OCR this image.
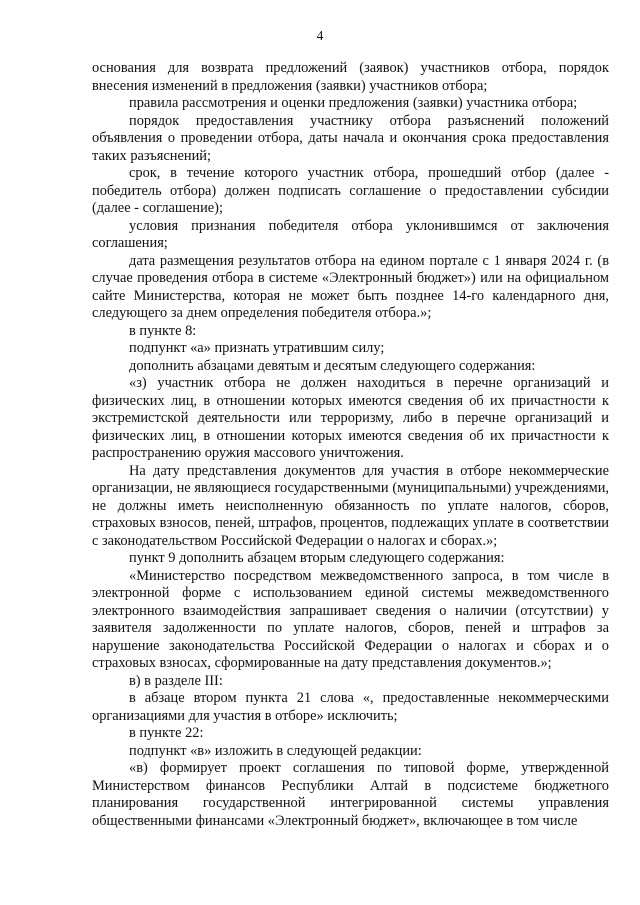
4

основания для возврата предложений (заявок) участников отбора, порядок внесения изменений в предложения (заявки) участников отбора;

правила рассмотрения и оценки предложения (заявки) участника отбора;

порядок предоставления участнику отбора разъяснений положений объявления о проведении отбора, даты начала и окончания срока предоставления таких разъяснений;

срок, в течение которого участник отбора, прошедший отбор (далее - победитель отбора) должен подписать соглашение о предоставлении субсидии (далее - соглашение);

условия признания победителя отбора уклонившимся от заключения соглашения;

дата размещения результатов отбора на едином портале с 1 января 2024 г. (в случае проведения отбора в системе «Электронный бюджет») или на официальном сайте Министерства, которая не может быть позднее 14-го календарного дня, следующего за днем определения победителя отбора.»;

в пункте 8:

подпункт «а» признать утратившим силу;

дополнить абзацами девятым и десятым следующего содержания:

«з) участник отбора не должен находиться в перечне организаций и физических лиц, в отношении которых имеются сведения об их причастности к экстремистской деятельности или терроризму, либо в перечне организаций и физических лиц, в отношении которых имеются сведения об их причастности к распространению оружия массового уничтожения.

На дату представления документов для участия в отборе некоммерческие организации, не являющиеся государственными (муниципальными) учреждениями, не должны иметь неисполненную обязанность по уплате налогов, сборов, страховых взносов, пеней, штрафов, процентов, подлежащих уплате в соответствии с законодательством Российской Федерации о налогах и сборах.»;

пункт 9 дополнить абзацем вторым следующего содержания:

«Министерство посредством межведомственного запроса, в том числе в электронной форме с использованием единой системы межведомственного электронного взаимодействия запрашивает сведения о наличии (отсутствии) у заявителя задолженности по уплате налогов, сборов, пеней и штрафов за нарушение законодательства Российской Федерации о налогах и сборах и о страховых взносах, сформированные на дату представления документов.»;

в) в разделе III:

в абзаце втором пункта 21 слова «, предоставленные некоммерческими организациями для участия в отборе» исключить;

в пункте 22:

подпункт «в» изложить в следующей редакции:

«в) формирует проект соглашения по типовой форме, утвержденной Министерством финансов Республики Алтай в подсистеме бюджетного планирования государственной интегрированной системы управления общественными финансами «Электронный бюджет», включающее в том числе
